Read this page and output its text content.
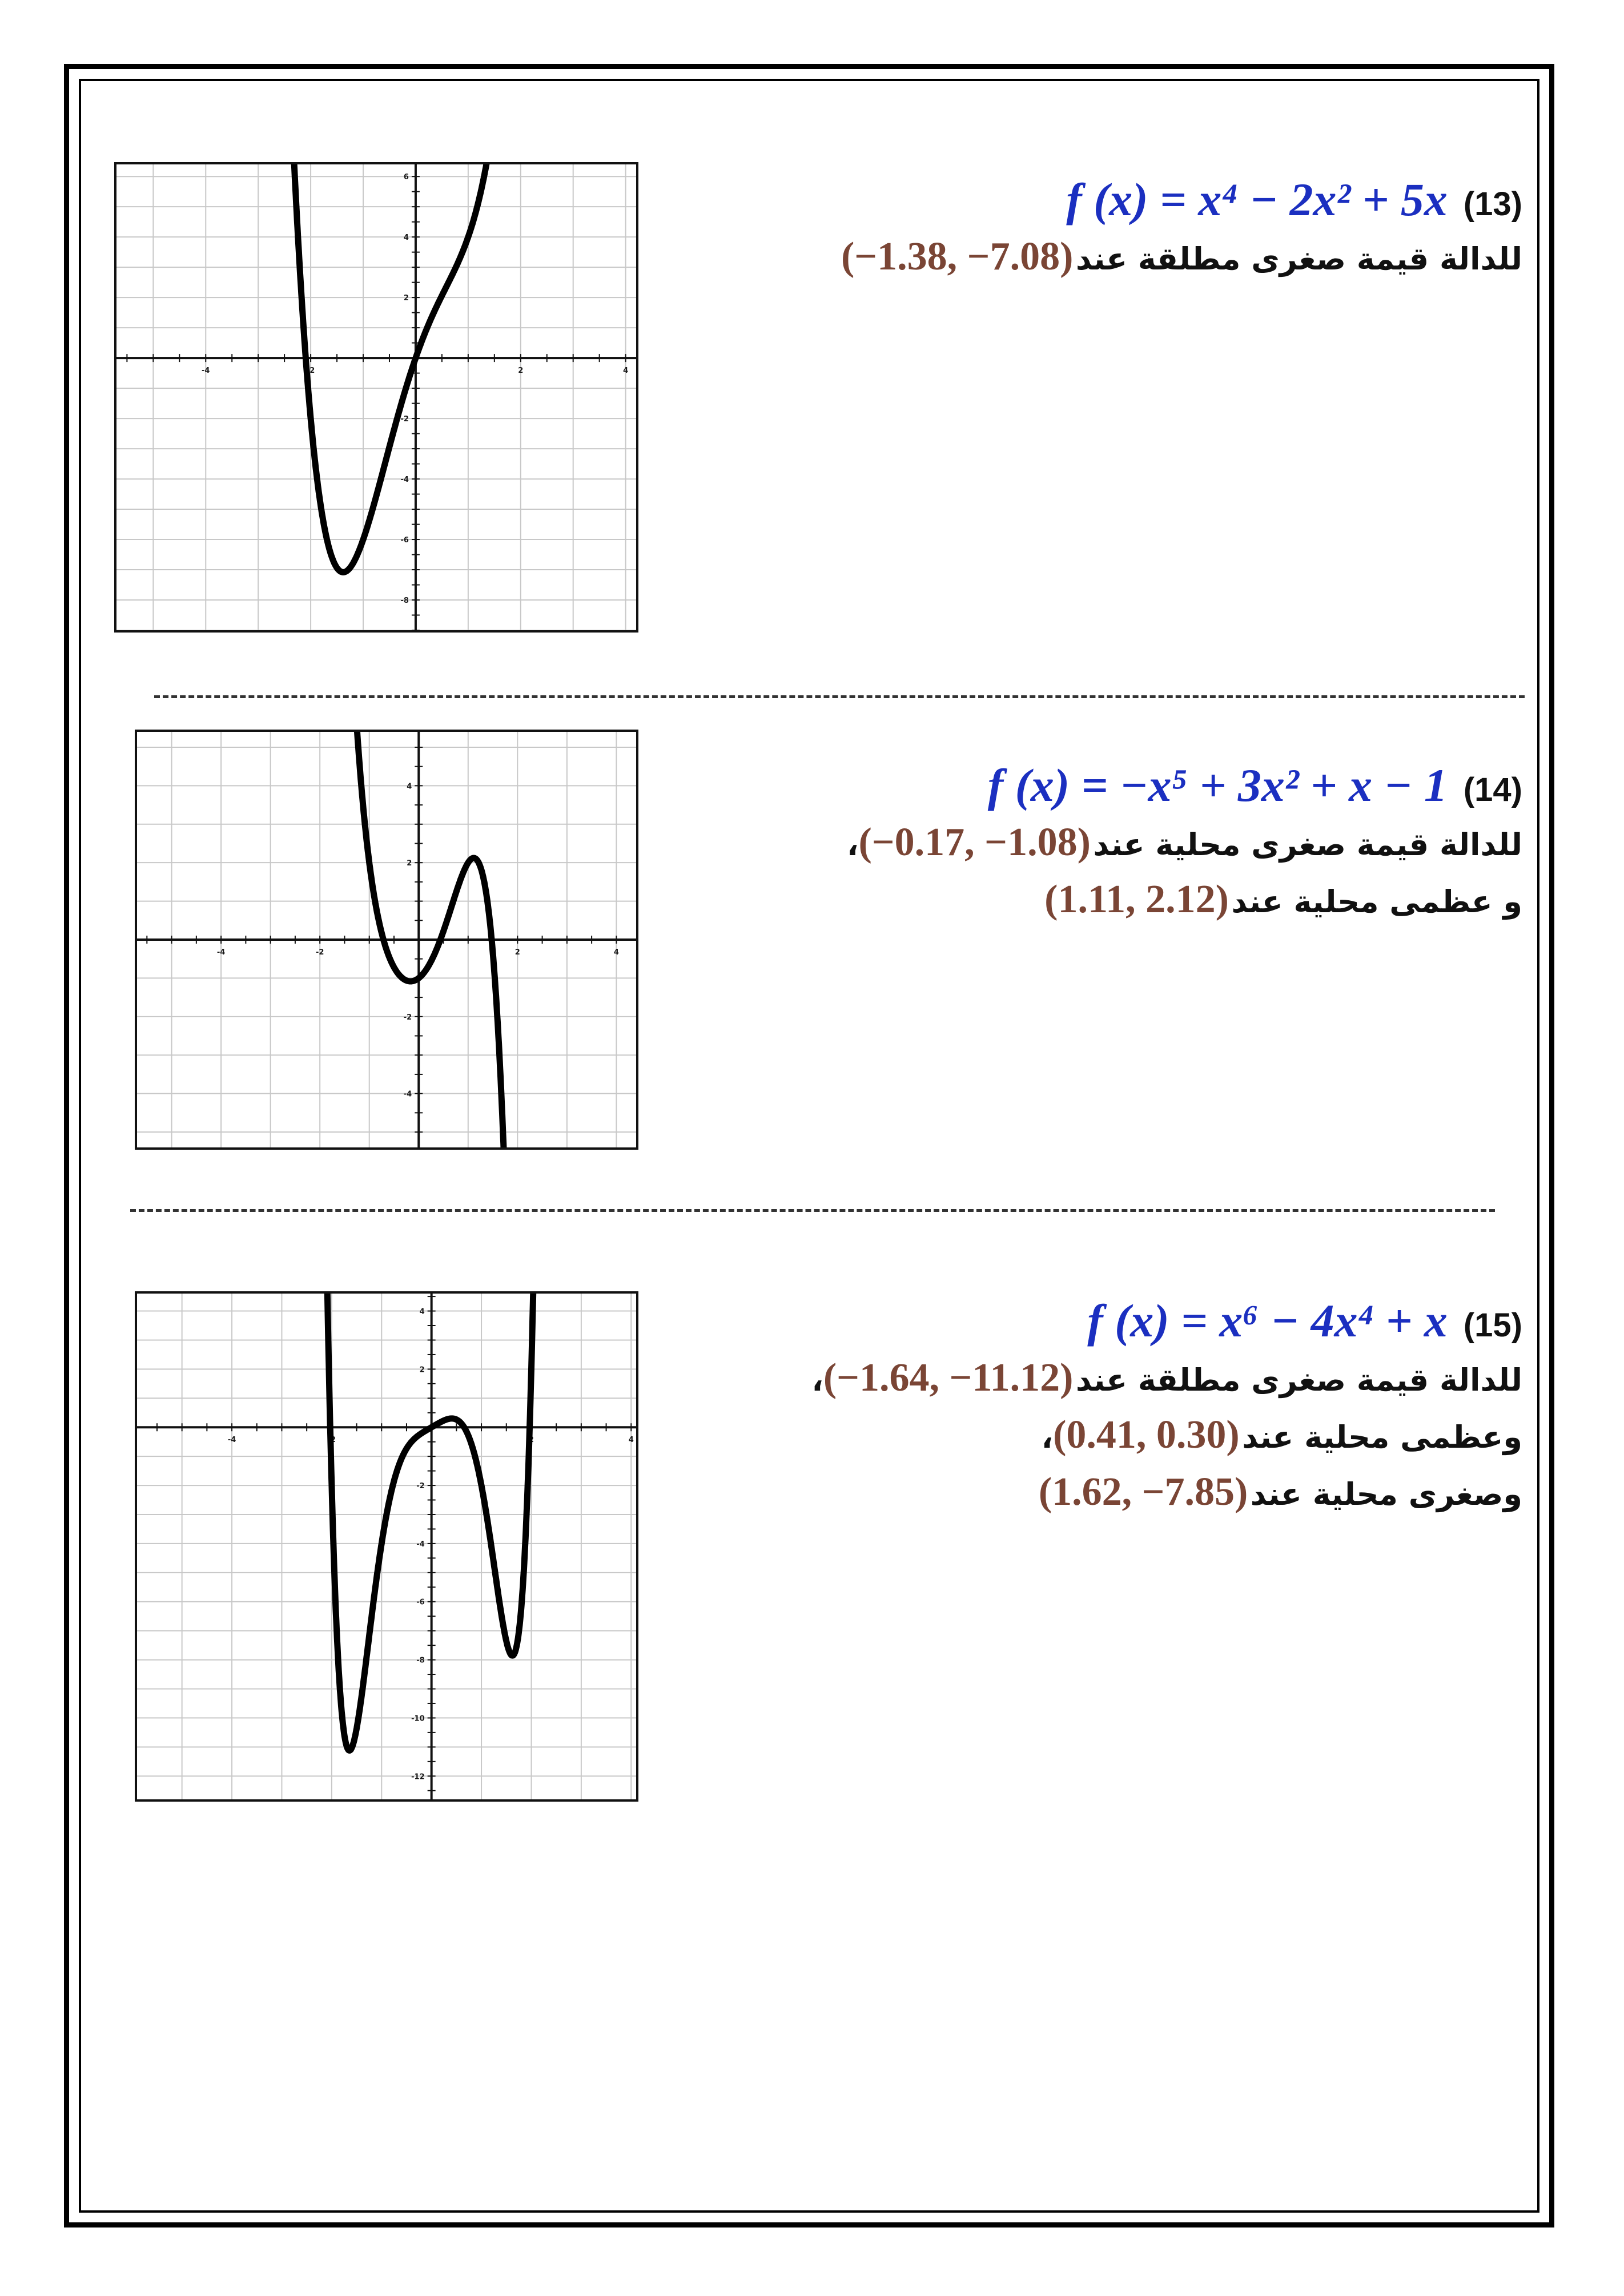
-4	-2	2	4
6
4
2
-2
-4
-6
-8
(13)
f (x) = x⁴ − 2x² + 5x
للدالة قيمة صغرى مطلقة عند (−1.38, −7.08)
-4	-2	2	4
4
2
-2
-4
(14)
f (x) = −x⁵ + 3x² + x − 1
للدالة قيمة صغرى محلية عند (−0.17, −1.08)،
و عظمى محلية عند (1.11, 2.12)
-4	-2	2	4
4
2
-2
-4
-6
-8
-10
-12
(15)
f (x) = x⁶ − 4x⁴ + x
للدالة قيمة صغرى مطلقة عند (−1.64, −11.12)،
وعظمى محلية عند (0.41, 0.30)،
وصغرى محلية عند (1.62, −7.85)
